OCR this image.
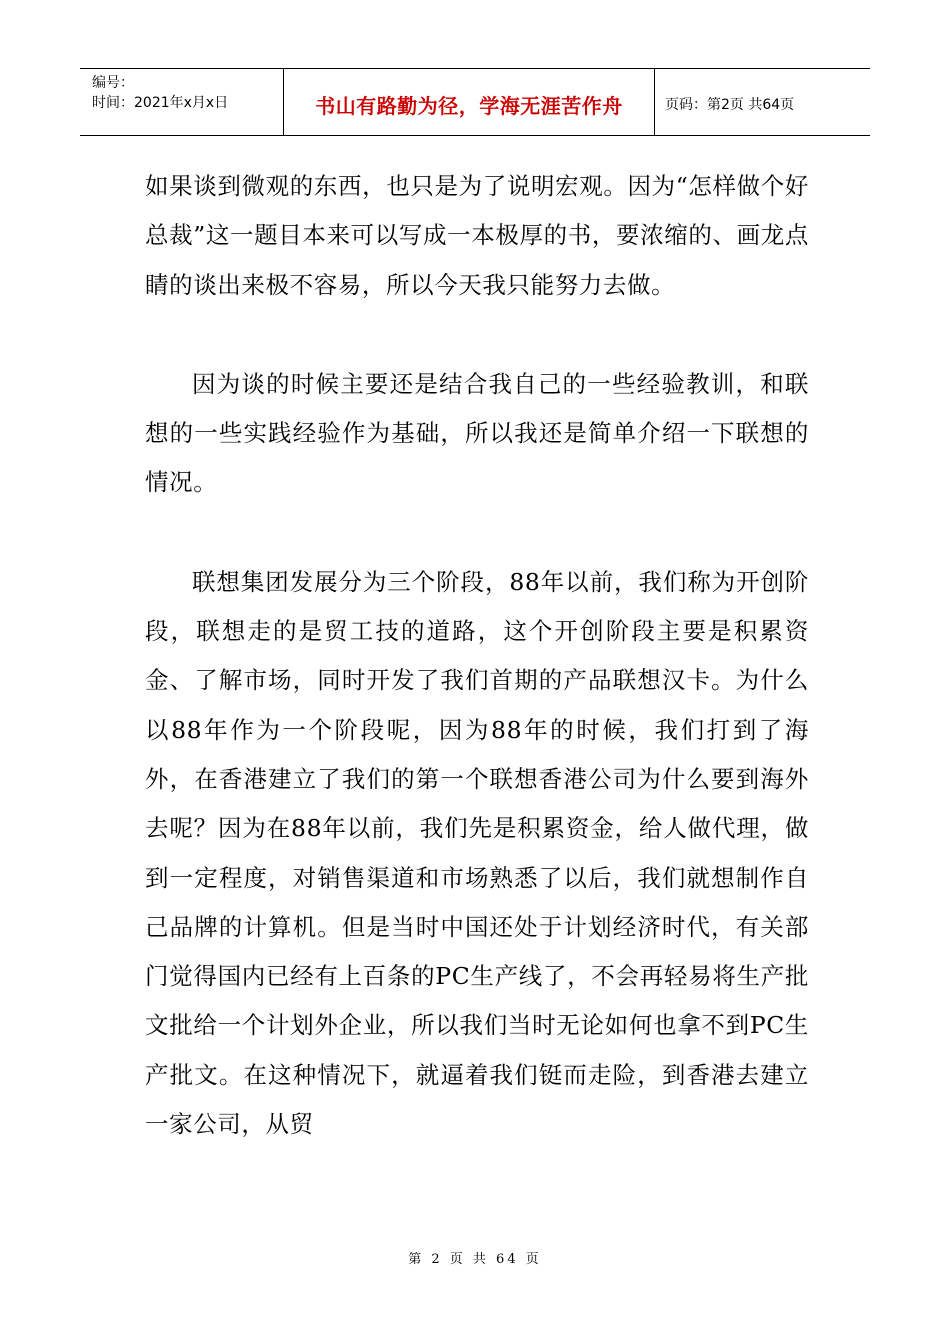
编号：
时间：2021年x月x日	书山有路勤为径，学海无涯苦作舟	页码：第2页 共64页

如果谈到微观的东西，也只是为了说明宏观。因为“怎样做个好总裁”这一题目本来可以写成一本极厚的书，要浓缩的、画龙点睛的谈出来极不容易，所以今天我只能努力去做。

因为谈的时候主要还是结合我自己的一些经验教训，和联想的一些实践经验作为基础，所以我还是简单介绍一下联想的情况。

联想集团发展分为三个阶段，88年以前，我们称为开创阶段，联想走的是贸工技的道路，这个开创阶段主要是积累资金、了解市场，同时开发了我们首期的产品联想汉卡。为什么以88年作为一个阶段呢，因为88年的时候，我们打到了海外，在香港建立了我们的第一个联想香港公司为什么要到海外去呢？因为在88年以前，我们先是积累资金，给人做代理，做到一定程度，对销售渠道和市场熟悉了以后，我们就想制作自己品牌的计算机。但是当时中国还处于计划经济时代，有关部门觉得国内已经有上百条的PC生产线了，不会再轻易将生产批文批给一个计划外企业，所以我们当时无论如何也拿不到PC生产批文。在这种情况下，就逼着我们铤而走险，到香港去建立一家公司，从贸

第 2 页 共 64 页
